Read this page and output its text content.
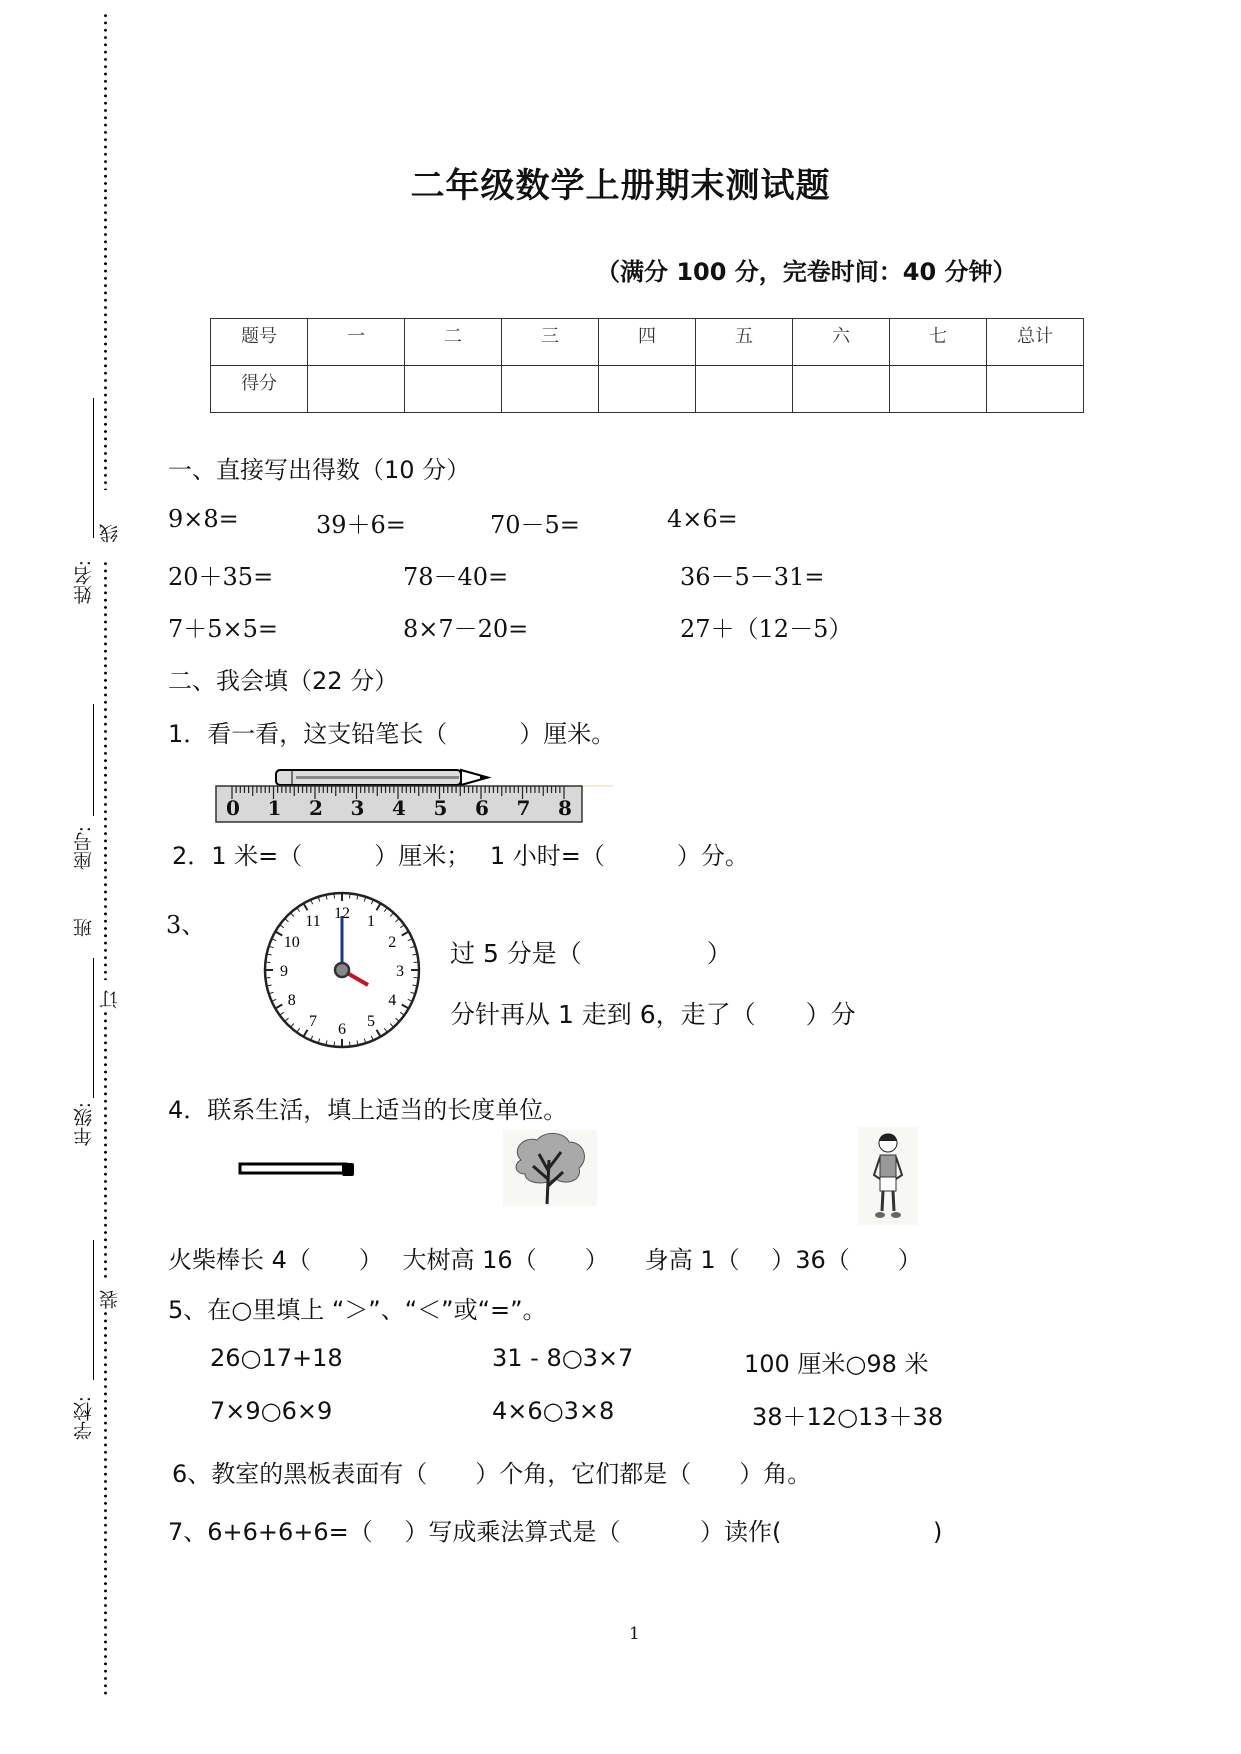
线
订
装
姓名:
座号:
班
年级:
学校:
二年级数学上册期末测试题
（满分 100 分，完卷时间：40 分钟）
题号	一	二	三	四	五	六	七	总计
得分								
一、直接写出得数（10 分）
9×8=	39＋6=	70－5=	4×6=
20＋35=	78－40=	36－5－31=
7＋5×5=	8×7－20=	27＋（12－5）
二、我会填（22 分）
1．看一看，这支铅笔长（　　　）厘米。
0 1 2 3 4 5 6 7 8
2．1 米=（　　　）厘米；　 1 小时=（　　　）分。
3、	12 1
2
3
4
5
6
7
8
9
10
11
过 5 分是（　　　　　）
分针再从 1 走到 6，走了（　　）分
4．联系生活，填上适当的长度单位。
火柴棒长 4（　　）　 大树高 16（　　）　　身高 1（　 ）36（　　）
5、在○里填上 “＞”、“＜”或“=”。
26○17+18	31 - 8○3×7	100 厘米○98 米
7×9○6×9	4×6○3×8	38＋12○13＋38
6、教室的黑板表面有（　　）个角，它们都是（　　）角。
7、6+6+6+6=（　 ）写成乘法算式是（　　　 ）读作(　　　　　　 )
1
